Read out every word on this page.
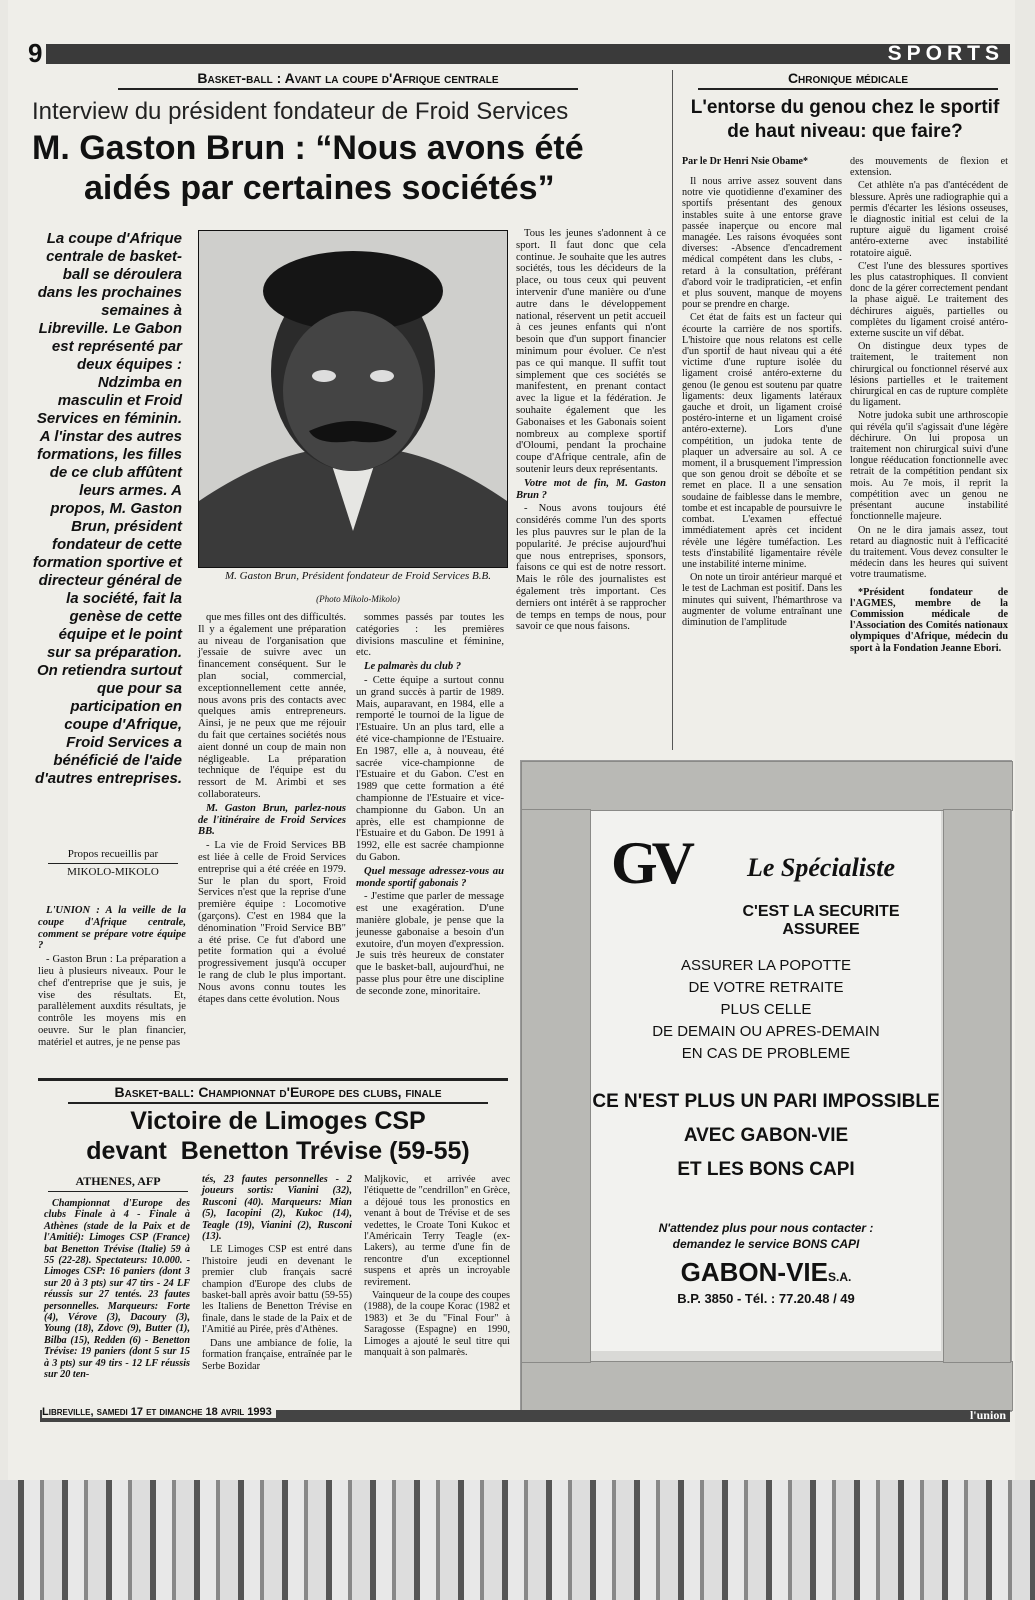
9	SPORTS
Basket-ball : Avant la coupe d'Afrique centrale
Interview du président fondateur de Froid Services
M. Gaston Brun : “Nous avons été
aidés par certaines sociétés”
La coupe d'Afrique centrale de basket-ball se déroulera dans les prochaines semaines à Libreville. Le Gabon est représenté par deux équipes : Ndzimba en masculin et Froid Services en féminin. A l'instar des autres formations, les filles de ce club affûtent leurs armes. A propos, M. Gaston Brun, président fondateur de cette formation sportive et directeur général de la société, fait la genèse de cette équipe et le point sur sa préparation. On retiendra surtout que pour sa participation en coupe d'Afrique, Froid Services a bénéficié de l'aide d'autres entreprises.
Propos recueillis par
MIKOLO-MIKOLO
M. Gaston Brun, Président fondateur de Froid Services B.B.
(Photo Mikolo-Mikolo)

L'UNION : A la veille de la coupe d'Afrique centrale, comment se prépare votre équipe ?

- Gaston Brun : La préparation a lieu à plusieurs niveaux. Pour le chef d'entreprise que je suis, je vise des résultats. Et, parallèlement auxdits résultats, je contrôle les moyens mis en oeuvre. Sur le plan financier, matériel et autres, je ne pense pas

que mes filles ont des difficultés. Il y a également une préparation au niveau de l'organisation que j'essaie de suivre avec un financement conséquent. Sur le plan social, commercial, exceptionnellement cette année, nous avons pris des contacts avec quelques amis entrepreneurs. Ainsi, je ne peux que me réjouir du fait que certaines sociétés nous aient donné un coup de main non négligeable. La préparation technique de l'équipe est du ressort de M. Arimbi et ses collaborateurs.

M. Gaston Brun, parlez-nous de l'itinéraire de Froid Services BB.

- La vie de Froid Services BB est liée à celle de Froid Services entreprise qui a été créée en 1979. Sur le plan du sport, Froid Services n'est que la reprise d'une première équipe : Locomotive (garçons). C'est en 1984 que la dénomination "Froid Service BB" a été prise. Ce fut d'abord une petite formation qui a évolué progressivement jusqu'à occuper le rang de club le plus important. Nous avons connu toutes les étapes dans cette évolution. Nous

sommes passés par toutes les catégories : les premières divisions masculine et féminine, etc.

Le palmarès du club ?

- Cette équipe a surtout connu un grand succès à partir de 1989. Mais, auparavant, en 1984, elle a remporté le tournoi de la ligue de l'Estuaire. Un an plus tard, elle a été vice-championne de l'Estuaire. En 1987, elle a, à nouveau, été sacrée vice-championne de l'Estuaire et du Gabon. C'est en 1989 que cette formation a été championne de l'Estuaire et vice-championne du Gabon. Un an après, elle est championne de l'Estuaire et du Gabon. De 1991 à 1992, elle est sacrée championne du Gabon.

Quel message adressez-vous au monde sportif gabonais ?

- J'estime que parler de message est une exagération. D'une manière globale, je pense que la jeunesse gabonaise a besoin d'un exutoire, d'un moyen d'expression. Je suis très heureux de constater que le basket-ball, aujourd'hui, ne passe plus pour être une discipline de seconde zone, minoritaire.

Tous les jeunes s'adonnent à ce sport. Il faut donc que cela continue. Je souhaite que les autres sociétés, tous les décideurs de la place, ou tous ceux qui peuvent intervenir d'une manière ou d'une autre dans le développement national, réservent un petit accueil à ces jeunes enfants qui n'ont besoin que d'un support financier minimum pour évoluer. Ce n'est pas ce qui manque. Il suffit tout simplement que ces sociétés se manifestent, en prenant contact avec la ligue et la fédération. Je souhaite également que les Gabonaises et les Gabonais soient nombreux au complexe sportif d'Oloumi, pendant la prochaine coupe d'Afrique centrale, afin de soutenir leurs deux représentants.

Votre mot de fin, M. Gaston Brun ?

- Nous avons toujours été considérés comme l'un des sports les plus pauvres sur le plan de la popularité. Je précise aujourd'hui que nous entreprises, sponsors, faisons ce qui est de notre ressort. Mais le rôle des journalistes est également très important. Ces derniers ont intérêt à se rapprocher de temps en temps de nous, pour savoir ce que nous faisons.

Chronique médicale
L'entorse du genou chez le sportif de haut niveau: que faire?
Par le Dr Henri Nsie Obame*

Il nous arrive assez souvent dans notre vie quotidienne d'examiner des sportifs présentant des genoux instables suite à une entorse grave passée inaperçue ou encore mal managée. Les raisons évoquées sont diverses: -Absence d'encadrement médical compétent dans les clubs, -retard à la consultation, préférant d'abord voir le tradipraticien, -et enfin et plus souvent, manque de moyens pour se prendre en charge.

Cet état de faits est un facteur qui écourte la carrière de nos sportifs. L'histoire que nous relatons est celle d'un sportif de haut niveau qui a été victime d'une rupture isolée du ligament croisé antéro-externe du genou (le genou est soutenu par quatre ligaments: deux ligaments latéraux gauche et droit, un ligament croisé postéro-interne et un ligament croisé antéro-externe). Lors d'une compétition, un judoka tente de plaquer un adversaire au sol. A ce moment, il a brusquement l'impression que son genou droit se déboîte et se remet en place. Il a une sensation soudaine de faiblesse dans le membre, tombe et est incapable de poursuivre le combat. L'examen effectué immédiatement après cet incident révèle une légère tuméfaction. Les tests d'instabilité ligamentaire révèle une instabilité interne minime.

On note un tiroir antérieur marqué et le test de Lachman est positif. Dans les minutes qui suivent, l'hémarthrose va augmenter de volume entraînant une diminution de l'amplitude

des mouvements de flexion et extension.

Cet athlète n'a pas d'antécédent de blessure. Après une radiographie qui a permis d'écarter les lésions osseuses, le diagnostic initial est celui de la rupture aiguë du ligament croisé antéro-externe avec instabilité rotatoire aiguë.

C'est l'une des blessures sportives les plus catastrophiques. Il convient donc de la gérer correctement pendant la phase aiguë. Le traitement des déchirures aiguës, partielles ou complètes du ligament croisé antéro-externe suscite un vif débat.

On distingue deux types de traitement, le traitement non chirurgical ou fonctionnel réservé aux lésions partielles et le traitement chirurgical en cas de rupture complète du ligament.

Notre judoka subit une arthroscopie qui révéla qu'il s'agissait d'une légère déchirure. On lui proposa un traitement non chirurgical suivi d'une longue rééducation fonctionnelle avec retrait de la compétition pendant six mois. Au 7e mois, il reprit la compétition avec un genou ne présentant aucune instabilité fonctionnelle majeure.

On ne le dira jamais assez, tout retard au diagnostic nuit à l'efficacité du traitement. Vous devez consulter le médecin dans les heures qui suivent votre traumatisme.

*Président fondateur de l'AGMES, membre de la Commission médicale de l'Association des Comités nationaux olympiques d'Afrique, médecin du sport à la Fondation Jeanne Ebori.

Basket-ball: Championnat d'Europe des clubs, finale
Victoire de Limoges CSP
devant  Benetton Trévise (59-55)
ATHENES, AFP

Championnat d'Europe des clubs Finale à 4 - Finale à Athènes (stade de la Paix et de l'Amitié): Limoges CSP (France) bat Benetton Trévise (Italie) 59 à 55 (22-28). Spectateurs: 10.000. - Limoges CSP: 16 paniers (dont 3 sur 20 à 3 pts) sur 47 tirs - 24 LF réussis sur 27 tentés. 23 fautes personnelles. Marqueurs: Forte (4), Vérove (3), Dacoury (3), Young (18), Zdovc (9), Butter (1), Bilba (15), Redden (6) - Benetton Trévise: 19 paniers (dont 5 sur 15 à 3 pts) sur 49 tirs - 12 LF réussis sur 20 ten-

tés, 23 fautes personnelles - 2 joueurs sortis: Vianini (32), Rusconi (40). Marqueurs: Mian (5), Iacopini (2), Kukoc (14), Teagle (19), Vianini (2), Rusconi (13).

LE Limoges CSP est entré dans l'histoire jeudi en devenant le premier club français sacré champion d'Europe des clubs de basket-ball après avoir battu (59-55) les Italiens de Benetton Trévise en finale, dans le stade de la Paix et de l'Amitié au Pirée, près d'Athènes.

Dans une ambiance de folie, la formation française, entraînée par le Serbe Bozidar

Maljkovic, et arrivée avec l'étiquette de "cendrillon" en Grèce, a déjoué tous les pronostics en venant à bout de Trévise et de ses vedettes, le Croate Toni Kukoc et l'Américain Terry Teagle (ex-Lakers), au terme d'une fin de rencontre d'un exceptionnel suspens et après un incroyable revirement.

Vainqueur de la coupe des coupes (1988), de la coupe Korac (1982 et 1983) et 3e du "Final Four" à Saragosse (Espagne) en 1990, Limoges a ajouté le seul titre qui manquait à son palmarès.

GV	Le Spécialiste
C'EST LA SECURITE ASSUREE
ASSURER LA POPOTTE
DE VOTRE RETRAITE
PLUS CELLE
DE DEMAIN OU APRES-DEMAIN
EN CAS DE PROBLEME
CE N'EST PLUS UN PARI IMPOSSIBLE
AVEC GABON-VIE
ET LES BONS CAPI
N'attendez plus pour nous contacter :
demandez le service BONS CAPI
GABON-VIES.A.
B.P. 3850 - Tél. : 77.20.48 / 49
Libreville, samedi 17 et dimanche 18 avril 1993	l'union
